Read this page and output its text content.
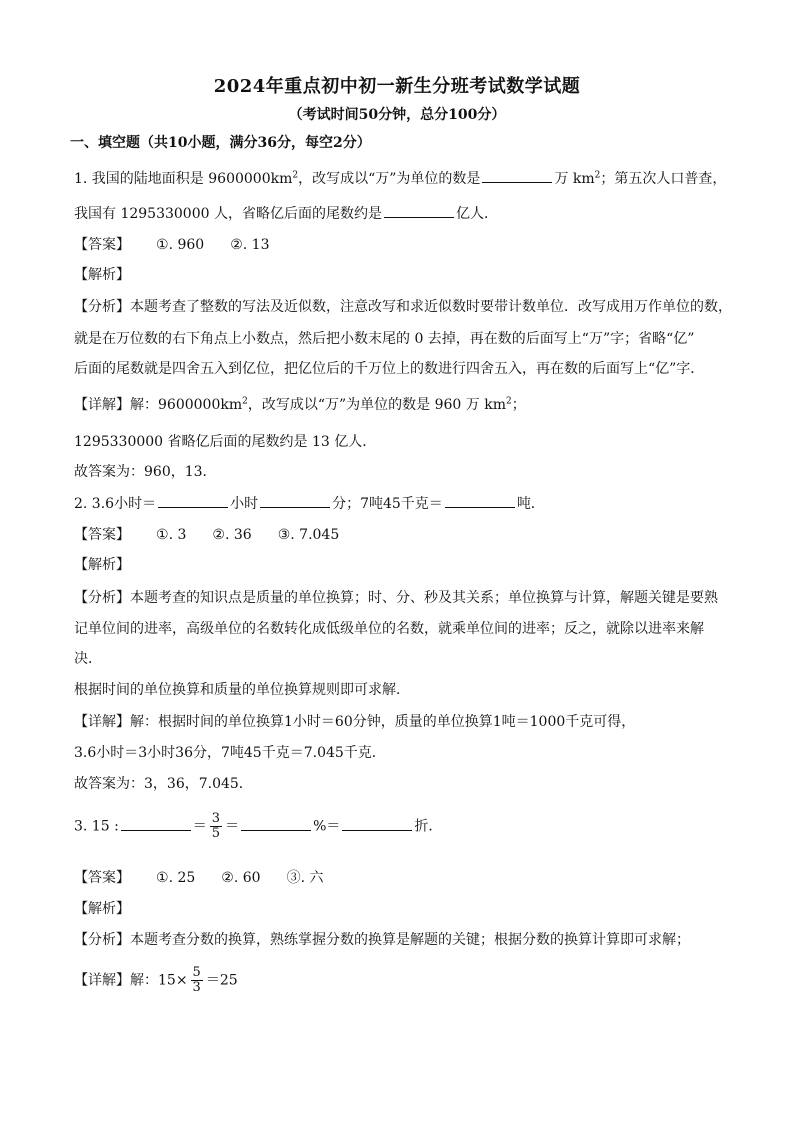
2024年重点初中初一新生分班考试数学试题
（考试时间50分钟，总分100分）
一、填空题（共10小题，满分36分，每空2分）
1. 我国的陆地面积是 $9600000km^2$，改写成以“万”为单位的数是	万 $km^2$；第五次人口普查，
我国有 1295330000 人，省略亿后面的尾数约是	亿人．
【答案】 ①. 960 ②. 13
【解析】
【分析】本题考查了整数的写法及近似数，注意改写和求近似数时要带计数单位．改写成用万作单位的数，
就是在万位数的右下角点上小数点，然后把小数末尾的 0 去掉，再在数的后面写上“万”字；省略“亿”
后面的尾数就是四舍五入到亿位，把亿位后的千万位上的数进行四舍五入，再在数的后面写上“亿”字．
【详解】解：$9600000km^2$，改写成以“万”为单位的数是 960 万 $km^2$；
1295330000 省略亿后面的尾数约是 13 亿人．
故答案为：960，13．
2. 3.6小时＝	小时	分；7吨45千克＝	吨．
【答案】 ①. 3 ②. 36 ③. 7.045
【解析】
【分析】本题考查的知识点是质量的单位换算；时、分、秒及其关系；单位换算与计算，解题关键是要熟
记单位间的进率，高级单位的名数转化成低级单位的名数，就乘单位间的进率；反之，就除以进率来解
决．
根据时间的单位换算和质量的单位换算规则即可求解．
【详解】解：根据时间的单位换算1小时＝60分钟，质量的单位换算1吨＝1000千克可得，
3.6小时＝3小时36分，7吨45千克＝7.045千克．
故答案为：3，36，7.045．
3. 15 :	＝ $\frac{3}{5}$ ＝	%＝	折．
【答案】 ①. 25 ②. 60 ③. 六
【解析】
【分析】本题考查分数的换算，熟练掌握分数的换算是解题的关键；根据分数的换算计算即可求解；
【详解】解：$15\times \frac{5}{3} =25$
